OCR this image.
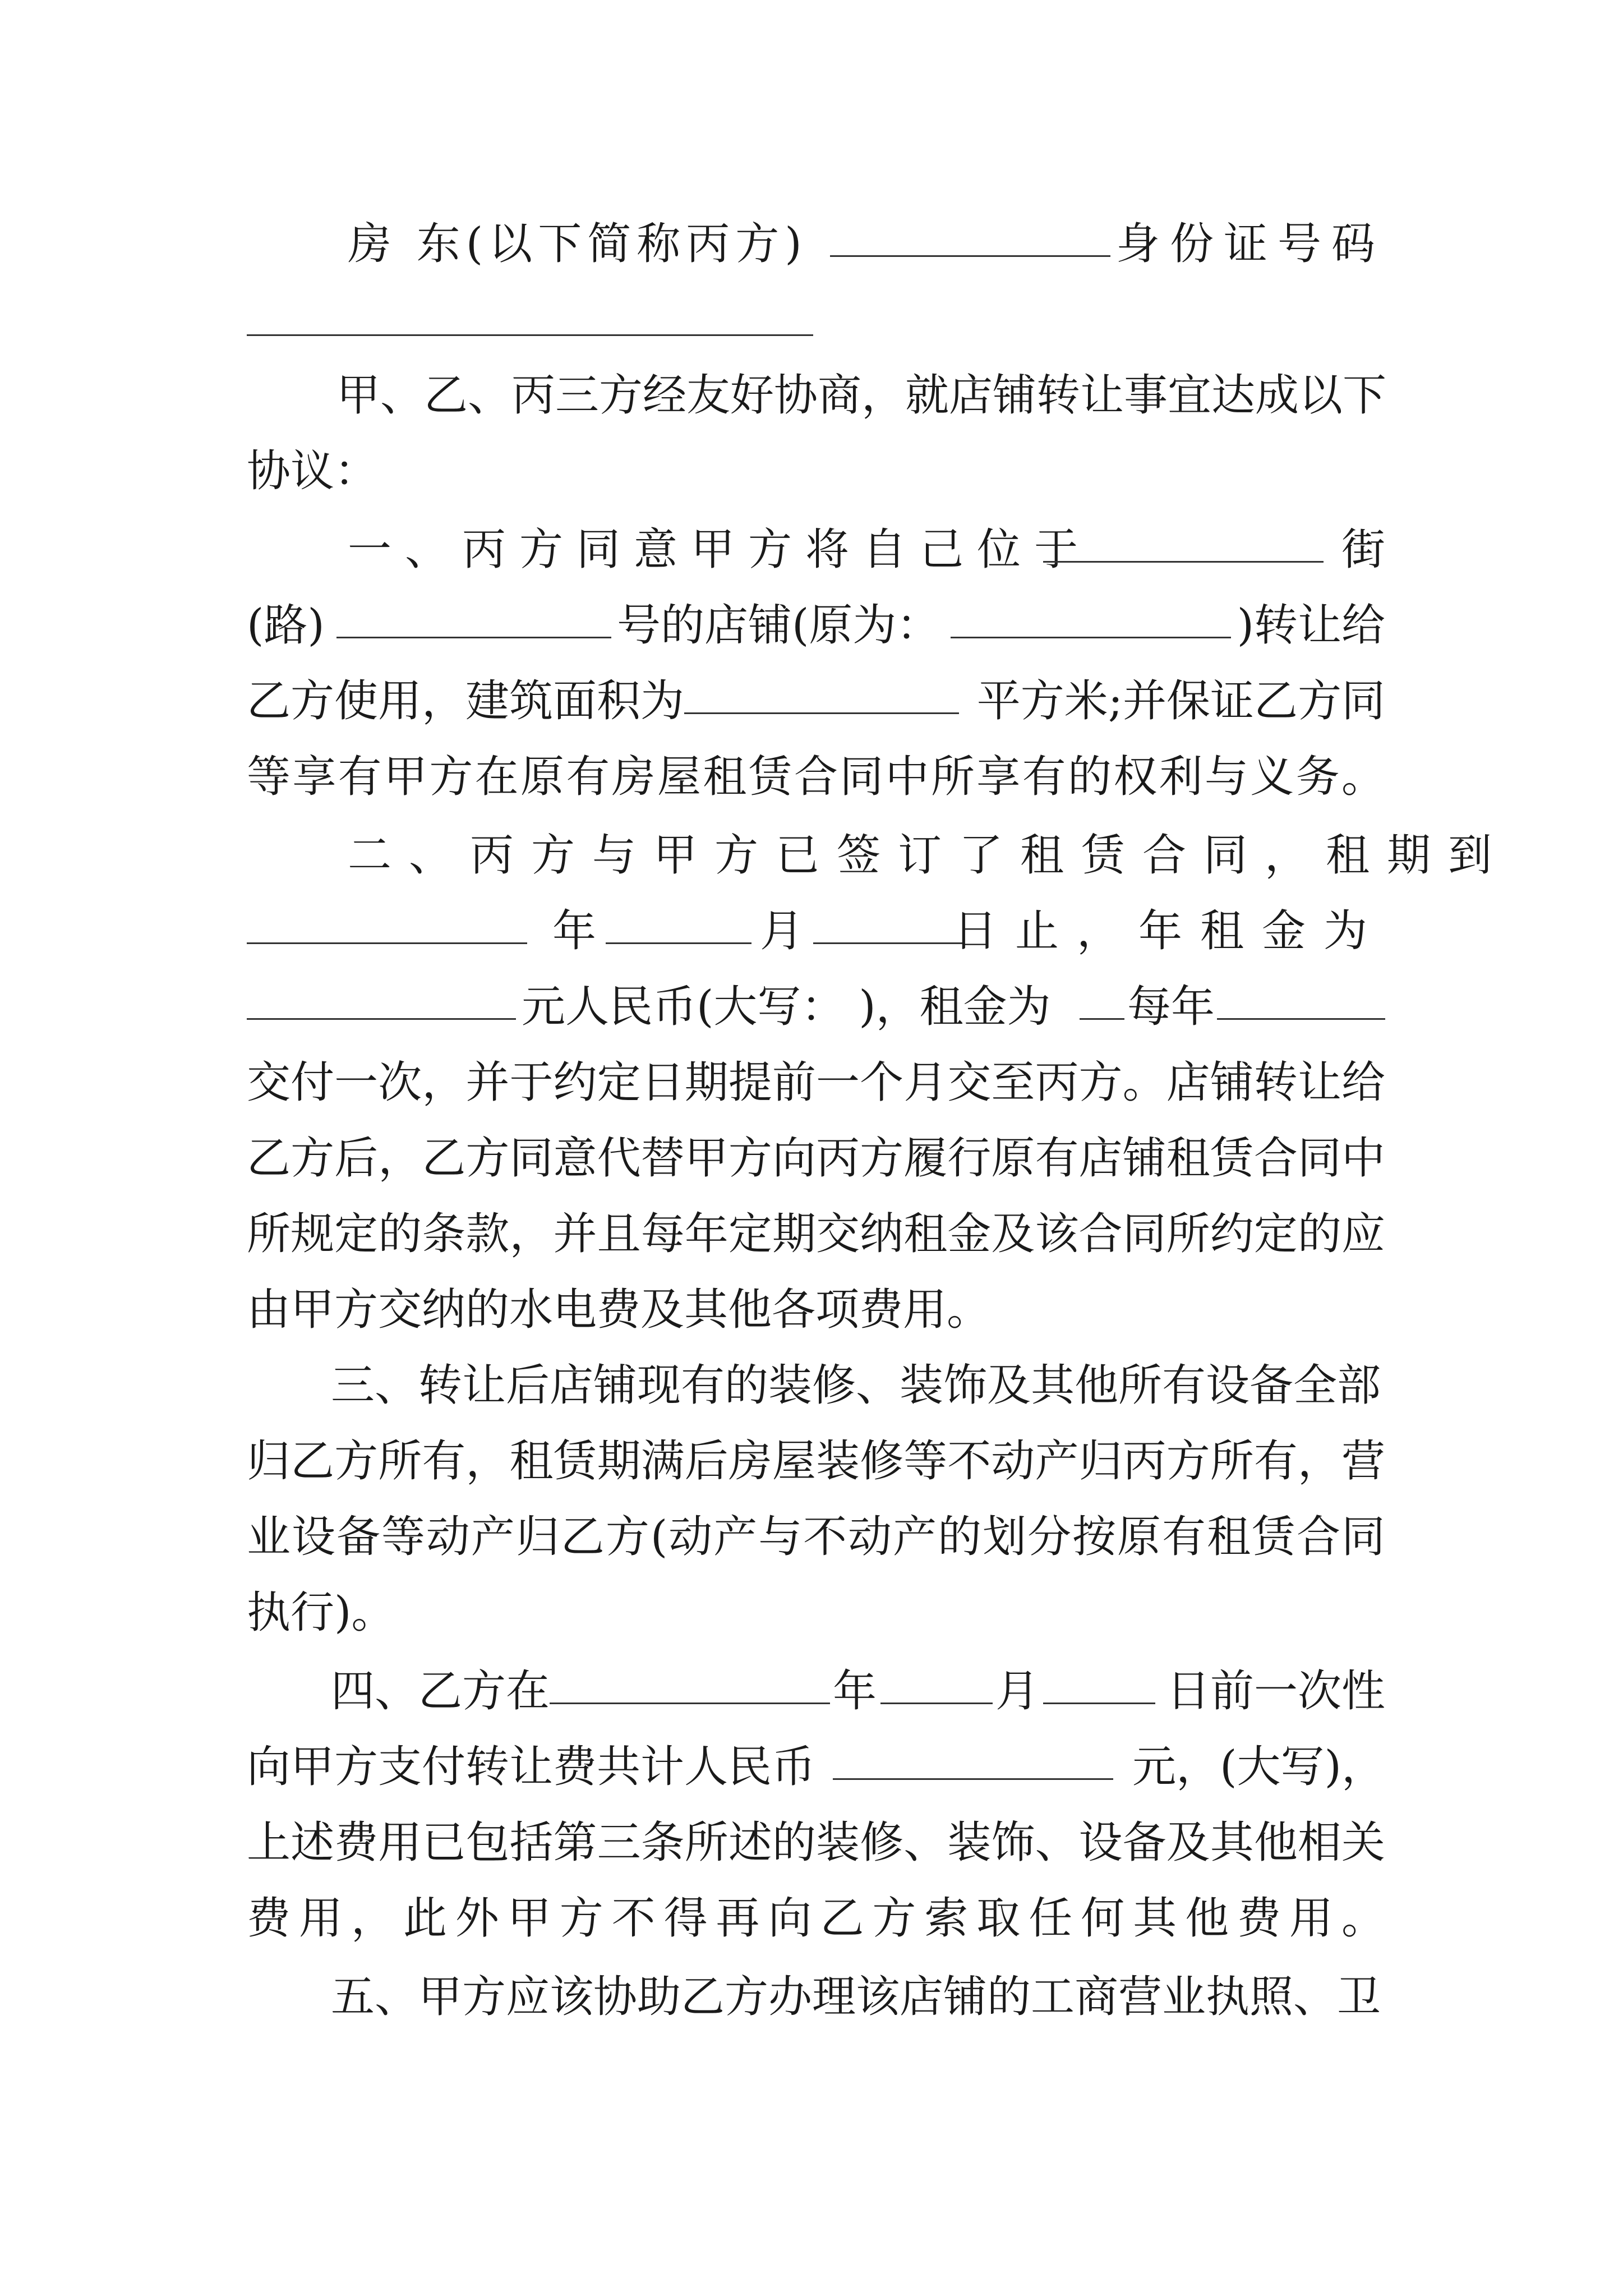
房 东(以下简称丙方)	身份证号码
甲、乙、丙三方经友好协商，就店铺转让事宜达成以下
协议：
一、丙方同意甲方将自己位于	街
(路)	号的店铺(原为：	)转让给
乙方使用，建筑面积为	平方米;并保证乙方同
等享有甲方在原有房屋租赁合同中所享有的权利与义务。
二、丙方与甲方已签订了租赁合同，租期到
年	月	日止，年租金为
元人民币(大写： )，租金为 每年
交付一次，并于约定日期提前一个月交至丙方。店铺转让给
乙方后，乙方同意代替甲方向丙方履行原有店铺租赁合同中
所规定的条款，并且每年定期交纳租金及该合同所约定的应
由甲方交纳的水电费及其他各项费用。
三、转让后店铺现有的装修、装饰及其他所有设备全部
归乙方所有，租赁期满后房屋装修等不动产归丙方所有，营
业设备等动产归乙方(动产与不动产的划分按原有租赁合同
执行)。
四、乙方在	年	月	日前一次性
向甲方支付转让费共计人民币	元，(大写)，
上述费用已包括第三条所述的装修、装饰、设备及其他相关
费用，此外甲方不得再向乙方索取任何其他费用。
五、甲方应该协助乙方办理该店铺的工商营业执照、卫
